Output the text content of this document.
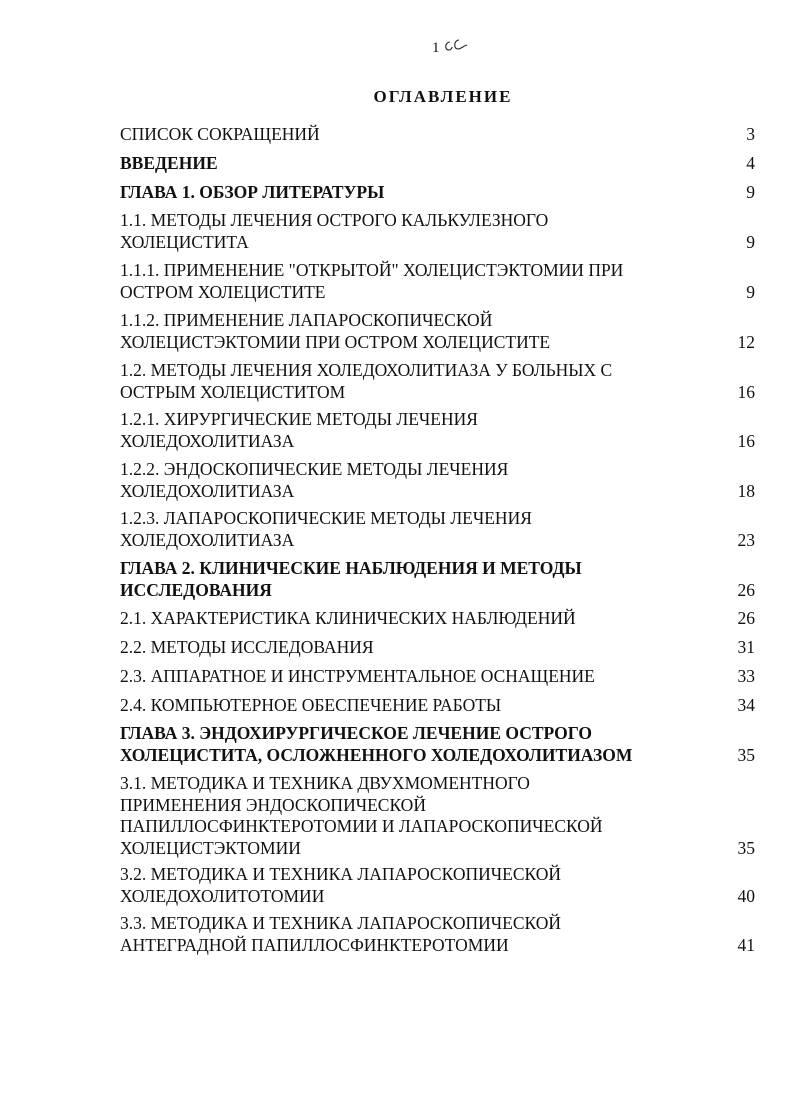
1
ОГЛАВЛЕНИЕ
СПИСОК СОКРАЩЕНИЙ	3
ВВЕДЕНИЕ	4
ГЛАВА 1. ОБЗОР ЛИТЕРАТУРЫ	9
1.1. МЕТОДЫ ЛЕЧЕНИЯ ОСТРОГО КАЛЬКУЛЕЗНОГО
ХОЛЕЦИСТИТА	9
1.1.1. ПРИМЕНЕНИЕ "ОТКРЫТОЙ" ХОЛЕЦИСТЭКТОМИИ ПРИ
ОСТРОМ ХОЛЕЦИСТИТЕ	9
1.1.2. ПРИМЕНЕНИЕ ЛАПАРОСКОПИЧЕСКОЙ
ХОЛЕЦИСТЭКТОМИИ ПРИ ОСТРОМ ХОЛЕЦИСТИТЕ	12
1.2. МЕТОДЫ ЛЕЧЕНИЯ ХОЛЕДОХОЛИТИАЗА У БОЛЬНЫХ С
ОСТРЫМ ХОЛЕЦИСТИТОМ	16
1.2.1. ХИРУРГИЧЕСКИЕ МЕТОДЫ ЛЕЧЕНИЯ
ХОЛЕДОХОЛИТИАЗА	16
1.2.2. ЭНДОСКОПИЧЕСКИЕ МЕТОДЫ ЛЕЧЕНИЯ
ХОЛЕДОХОЛИТИАЗА	18
1.2.3. ЛАПАРОСКОПИЧЕСКИЕ МЕТОДЫ ЛЕЧЕНИЯ
ХОЛЕДОХОЛИТИАЗА	23
ГЛАВА 2. КЛИНИЧЕСКИЕ НАБЛЮДЕНИЯ И МЕТОДЫ
ИССЛЕДОВАНИЯ	26
2.1. ХАРАКТЕРИСТИКА КЛИНИЧЕСКИХ НАБЛЮДЕНИЙ	26
2.2. МЕТОДЫ ИССЛЕДОВАНИЯ	31
2.3. АППАРАТНОЕ И ИНСТРУМЕНТАЛЬНОЕ ОСНАЩЕНИЕ	33
2.4. КОМПЬЮТЕРНОЕ ОБЕСПЕЧЕНИЕ РАБОТЫ	34
ГЛАВА 3. ЭНДОХИРУРГИЧЕСКОЕ ЛЕЧЕНИЕ ОСТРОГО
ХОЛЕЦИСТИТА, ОСЛОЖНЕННОГО ХОЛЕДОХОЛИТИАЗОМ	35
3.1. МЕТОДИКА И ТЕХНИКА ДВУХМОМЕНТНОГО
ПРИМЕНЕНИЯ ЭНДОСКОПИЧЕСКОЙ
ПАПИЛЛОСФИНКТЕРОТОМИИ И ЛАПАРОСКОПИЧЕСКОЙ
ХОЛЕЦИСТЭКТОМИИ	35
3.2. МЕТОДИКА И ТЕХНИКА ЛАПАРОСКОПИЧЕСКОЙ
ХОЛЕДОХОЛИТОТОМИИ	40
3.3. МЕТОДИКА И ТЕХНИКА ЛАПАРОСКОПИЧЕСКОЙ
АНТЕГРАДНОЙ ПАПИЛЛОСФИНКТЕРОТОМИИ	41
